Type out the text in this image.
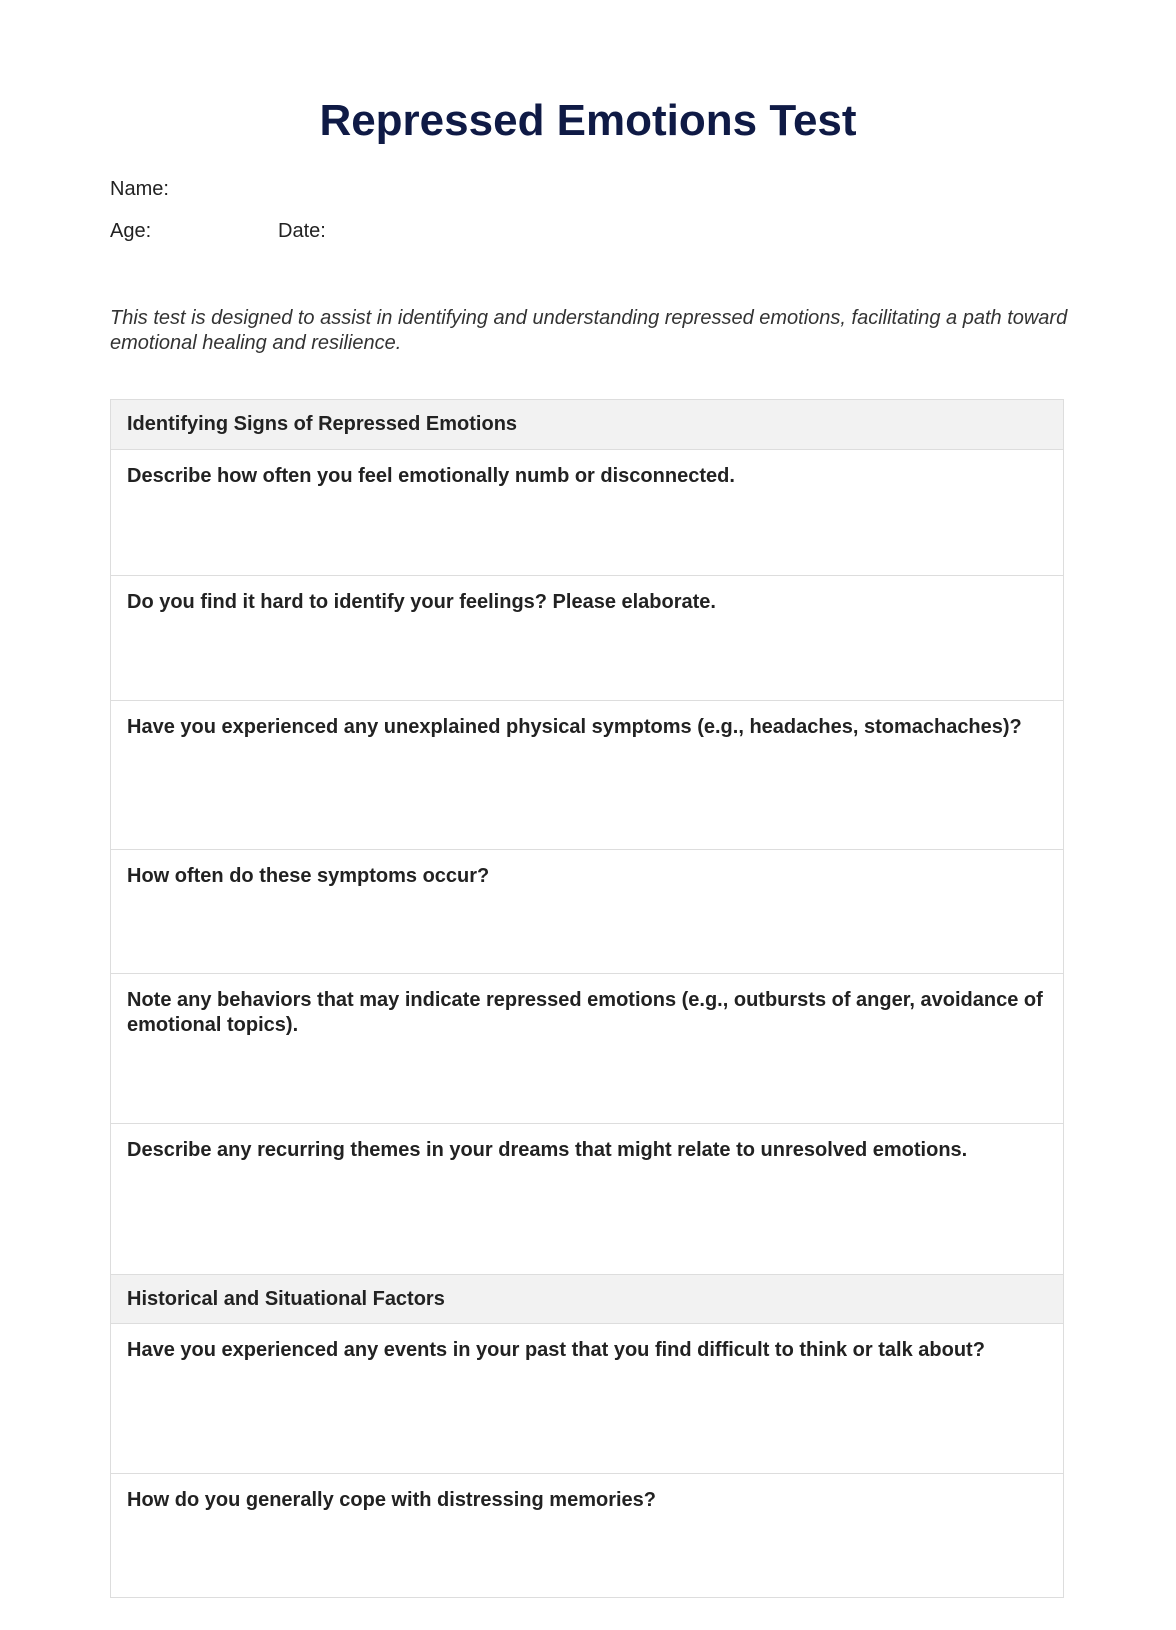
Repressed Emotions Test
Name:
Age:	Date:
This test is designed to assist in identifying and understanding repressed emotions, facilitating a path toward emotional healing and resilience.
Identifying Signs of Repressed Emotions
Describe how often you feel emotionally numb or disconnected.
Do you find it hard to identify your feelings? Please elaborate.
Have you experienced any unexplained physical symptoms (e.g., headaches, stomachaches)?
How often do these symptoms occur?
Note any behaviors that may indicate repressed emotions (e.g., outbursts of anger, avoidance of emotional topics).
Describe any recurring themes in your dreams that might relate to unresolved emotions.
Historical and Situational Factors
Have you experienced any events in your past that you find difficult to think or talk about?
How do you generally cope with distressing memories?
